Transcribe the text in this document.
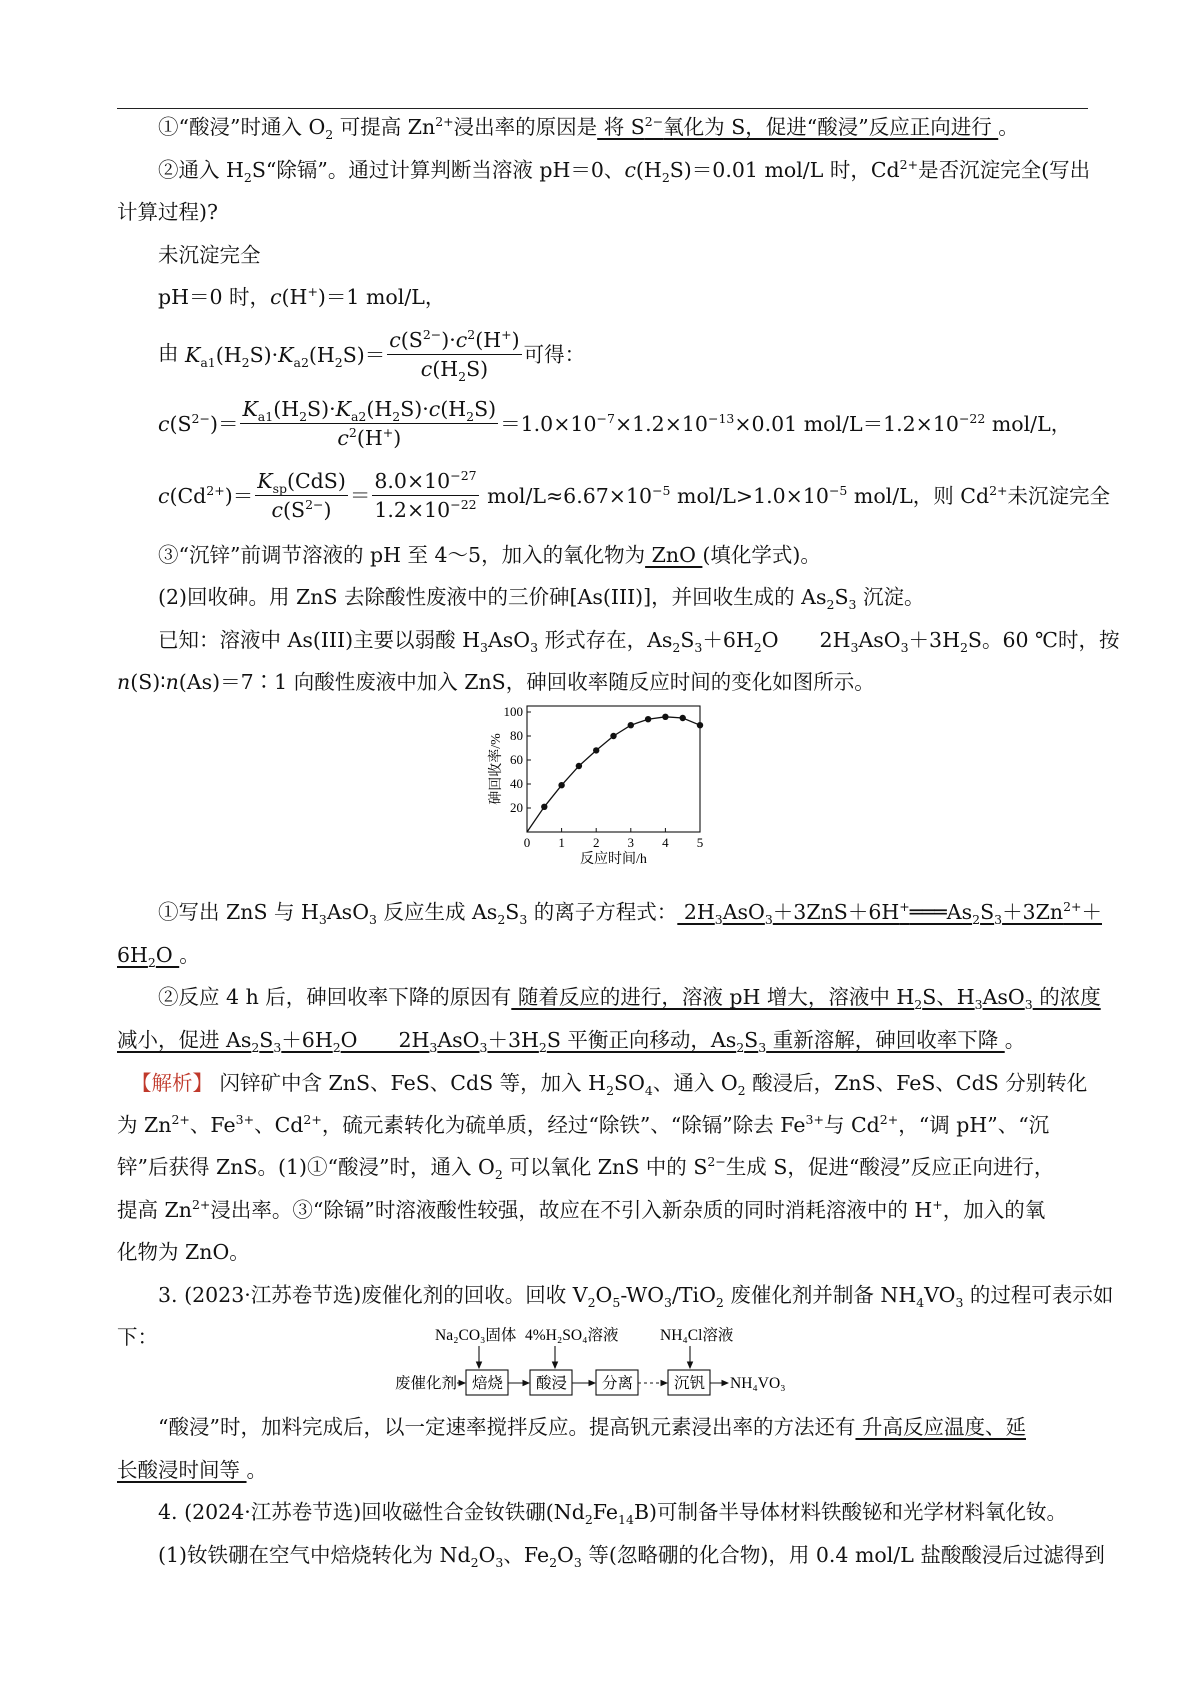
①“酸浸”时通入 $O_2$ 可提高 $Zn^{2+}$浸出率的原因是 将 $S^{2-}$氧化为 S，促进“酸浸”反应正向进行 。
②通入 $H_2S“$除镉”。通过计算判断当溶液 pH＝0、$c(H_2S)=0.01$ mol/L 时，$Cd^{2+}$是否沉淀完全(写出
计算过程)?
未沉淀完全
pH＝0 时，c(H+)＝1 mol/L，
由 $K_{a1}(H_2S)\cdot K_{a2}(H_2S)= \frac{c(S^{2-})\cdot c^2(H^+)}{c(H_2S)}$ 可得：
$c(S^{2-})= \frac{K_{a1}(H_2S)\cdot K_{a2}(H_2S)\cdot c(H_2S)}{c^2(H^+)} =1.0\times 10^{-7}\times 1.2\times 10^{-13}\times 0.01$ mol/$L=1.2\times 10^{-22}$ mol/L，
$c(Cd^{2+})=$
$K_{sp}(CdS)$
$c(S^{2-})$
＝ $\frac{8.0\times 10^{-27}}{1.2\times 10^{-22}} mol/L\approx 6.67\times 10^{-5}$ mol/$L>1.0\times 10^{-5}$ mol/L，则 $Cd^{2+}$未沉淀完全
③“沉锌”前调节溶液的 pH 至 4～5，加入的氧化物为 ZnO (填化学式)。
(2)回收砷。用 ZnS 去除酸性废液中的三价砷[As(III)]，并回收生成的 $As_2S_3$ 沉淀。
已知：溶液中 As(III)主要以弱酸 $H_3AsO_3$ 形式存在，$As_2S_3+6H_2O$　　$2H_3AsO_3+3H_2S$。60 ℃时，按
n(S)∶n(As)＝7∶1 向酸性废液中加入 ZnS，砷回收率随反应时间的变化如图所示。
0 1 2 3 4 5
20
40
60
80
100
砷回收率/%
反应时间/h
①写出 ZnS 与 $H_3AsO_3$ 反应生成 $As_2S_3$ 的离子方程式： $2H_3AsO_3+3ZnS+6H^+═══As_2S_3+3Zn^{2+}+$
$6H_2O$ 。
②反应 4 h 后，砷回收率下降的原因有 随着反应的进行，溶液 pH 增大，溶液中 $H_2S$、$H_3AsO_3$ 的浓度
减小，促进 $As_2S_3+6H_2O$　　$2H_3AsO_3+3H_2S$ 平衡正向移动，$As_2S_3$ 重新溶解，砷回收率下降 。
【解析】 闪锌矿中含 ZnS、FeS、CdS 等，加入 $H_2SO_4$、通入 $O_2$ 酸浸后，ZnS、FeS、CdS 分别转化
为 $Zn^{2+}$、$Fe^{3+}$、$Cd^{2+}$，硫元素转化为硫单质，经过“除铁”、“除镉”除去 $Fe^{3+}$与 $Cd^{2+}$，“调 pH”、“沉
锌”后获得 ZnS。(1)①“酸浸”时，通入 $O_2$ 可以氧化 ZnS 中的 $S^{2-}$生成 S，促进“酸浸”反应正向进行，
提高 $Zn^{2+}$浸出率。③“除镉”时溶液酸性较强，故应在不引入新杂质的同时消耗溶液中的 H+，加入的氧
化物为 ZnO。
3. (2023·江苏卷节选)废催化剂的回收。回收 $V_2O_5-WO_3/TiO_2$ 废催化剂并制备 $NH_4VO_3$ 的过程可表示如
下：	Na₂CO₃固体 4%H₂SO₄溶液	NH₄Cl溶液
废催化剂 焙烧 酸浸 分离	沉钒 NH₄VO₃
“酸浸”时，加料完成后，以一定速率搅拌反应。提高钒元素浸出率的方法还有 升高反应温度、延
长酸浸时间等 。
4. (2024·江苏卷节选)回收磁性合金钕铁硼$(Nd_2Fe_{14}B)$可制备半导体材料铁酸铋和光学材料氧化钕。
(1)钕铁硼在空气中焙烧转化为 $Nd_2O_3$、$Fe_2O_3$ 等(忽略硼的化合物)，用 0.4 mol/L 盐酸酸浸后过滤得到
